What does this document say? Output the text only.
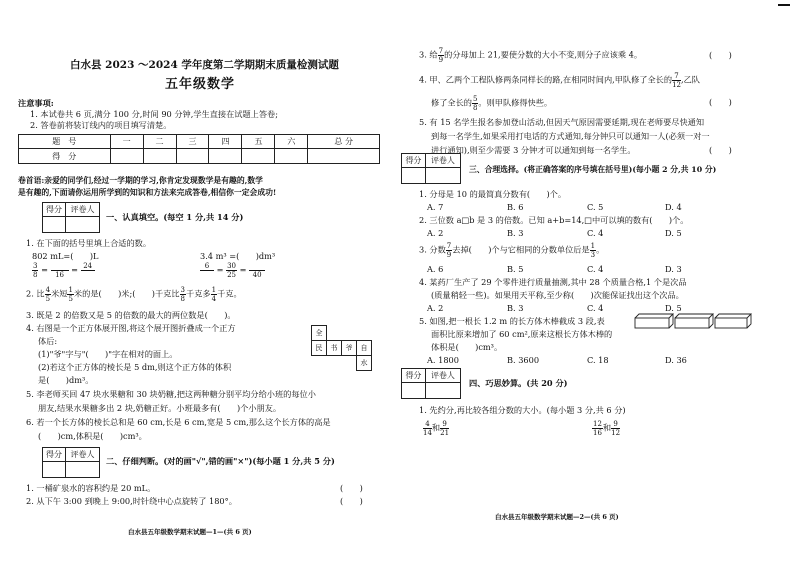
白水县 2023 ～2024 学年度第二学期期末质量检测试题
五年级数学
注意事项:
1. 本试卷共 6 页,满分 100 分,时间 90 分钟,学生直接在试题上答卷;
2. 答卷前将装订线内的项目填写清楚。
题　号	一	二	三	四	五	六	总 分
得　分							
卷首语:亲爱的同学们,经过一学期的学习,你肯定发现数学是有趣的,数学
是有趣的,下面请你运用所学到的知识和方法来完成答卷,相信你一定会成功!
得分	评卷人

一、认真填空。(每空 1 分,共 14 分)
1. 在下面的括号里填上合适的数。
802 mL=(　　)L	3.4 m³ =(　　)dm³
$\frac{3}{8}$ =
16
= 24	$6 = \frac{30}{25}$ =
40
2. 比 $\frac{4}{5}$ 米短 $\frac{1}{5}$ 米的是(　　)米;(　　)千克比 $\frac{3}{8}$ 千克多 $\frac{1}{4}$ 千克。
3. 既是 2 的倍数又是 5 的倍数的最大的两位数是(　　)。
4. 右图是一个正方体展开图,将这个展开图折叠成一个正方
体后:
(1)"爷"字与"(　　)"字在相对的面上。
(2)若这个正方体的棱长是 5 dm,则这个正方体的体积
是(　　)dm³。
全			
民	书	爷	自
			水
5. 李老师买回 47 块水果糖和 30 块奶糖,把这两种糖分别平均分给小班的每位小
朋友,结果水果糖多出 2 块,奶糖正好。小班最多有(　　)个小朋友。
6. 若一个长方体的棱长总和是 60 cm,长是 6 cm,宽是 5 cm,那么这个长方体的高是
(　　)cm,体积是(　　)cm³。
得分	评卷人

二、仔细判断。(对的画"√",错的画"×")(每小题 1 分,共 5 分)
1. 一桶矿泉水的容积约是 20 mL。	(　　)
2. 从下午 3:00 到晚上 9:00,时针绕中心点旋转了 180°。	(　　)
白水县五年级数学期末试题—1—(共 6 页)
3. 给 $\frac{7}{9}$ 的分母加上 21,要使分数的大小不变,则分子应该乘 4。	(　　)
4. 甲、乙两个工程队修两条同样长的路,在相同时间内,甲队修了全长的 $\frac{7}{12}$ ,乙队
修了全长的 $\frac{5}{8}$ 。则甲队修得快些。	(　　)
5. 有 15 名学生报名参加登山活动,但因天气原因需要延期,现在老师要尽快通知
到每一名学生,如果采用打电话的方式通知,每分钟只可以通知一人(必须一对一
进行通知),则至少需要 3 分钟才可以通知到每一名学生。	(　　)
得分	评卷人

三、合理选择。(将正确答案的序号填在括号里)(每小题 2 分,共 10 分)
1. 分母是 10 的最简真分数有(　　)个。
A. 7	B. 6	C. 5	D. 4
2. 三位数 a□b 是 3 的倍数。已知 a+b=14,□中可以填的数有(　　)个。
A. 2	B. 3	C. 4	D. 5
3. 分数 $\frac{7}{9}$ 去掉(　　)个与它相同的分数单位后是 $\frac{1}{3}$ 。
A. 6	B. 5	C. 4	D. 3
4. 某药厂生产了 29 个零件进行质量抽测,其中 28 个质量合格,1 个是次品
(质量稍轻一些)。如果用天平称,至少称(　　)次能保证找出这个次品。
A. 2	B. 3	C. 4	D. 5
5. 如图,把一根长 1.2 m 的长方体木棒截成 3 段,表
面积比原来增加了 60 cm²,原来这根长方体木棒的
体积是(　　)cm³。
A. 1800	B. 3600	C. 18	D. 36
得分	评卷人

四、巧思妙算。(共 20 分)
1. 先约分,再比较各组分数的大小。(每小题 3 分,共 6 分)
$\frac{4}{14}$ 和 $\frac{9}{21}$	$\frac{12}{16}$ 和 $\frac{9}{12}$
白水县五年级数学期末试题—2—(共 6 页)
